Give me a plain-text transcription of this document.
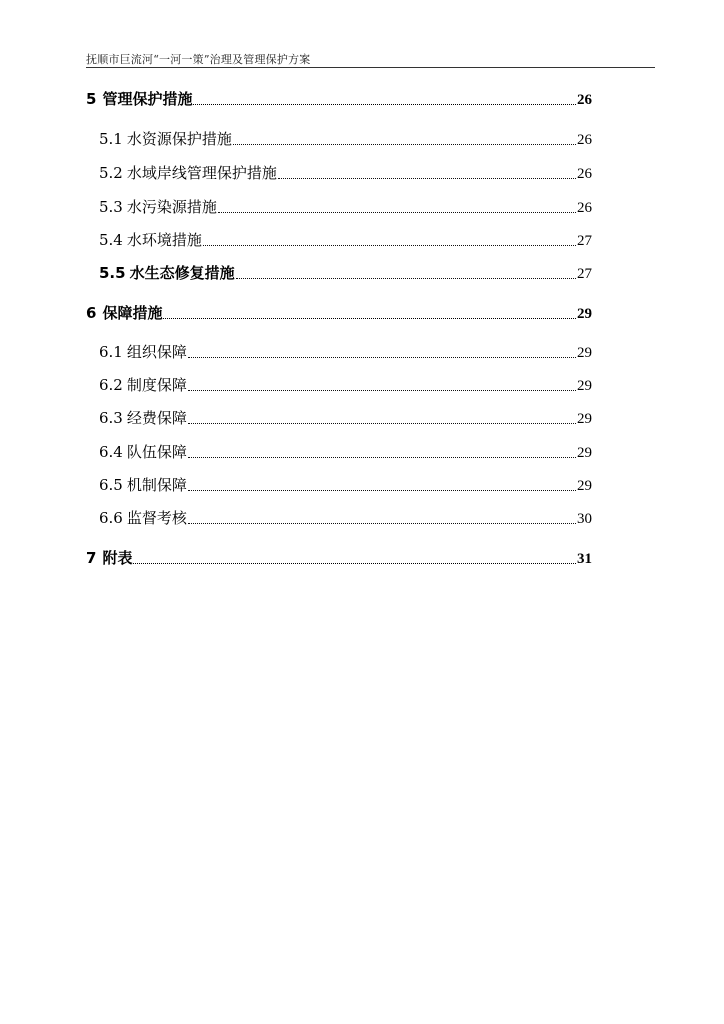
抚顺市巨流河“一河一策”治理及管理保护方案
5 管理保护措施	26
5.1 水资源保护措施	26
5.2 水域岸线管理保护措施	26
5.3 水污染源措施	26
5.4 水环境措施	27
5.5 水生态修复措施	27
6 保障措施	29
6.1 组织保障	29
6.2 制度保障	29
6.3 经费保障	29
6.4 队伍保障	29
6.5 机制保障	29
6.6 监督考核	30
7 附表	31
